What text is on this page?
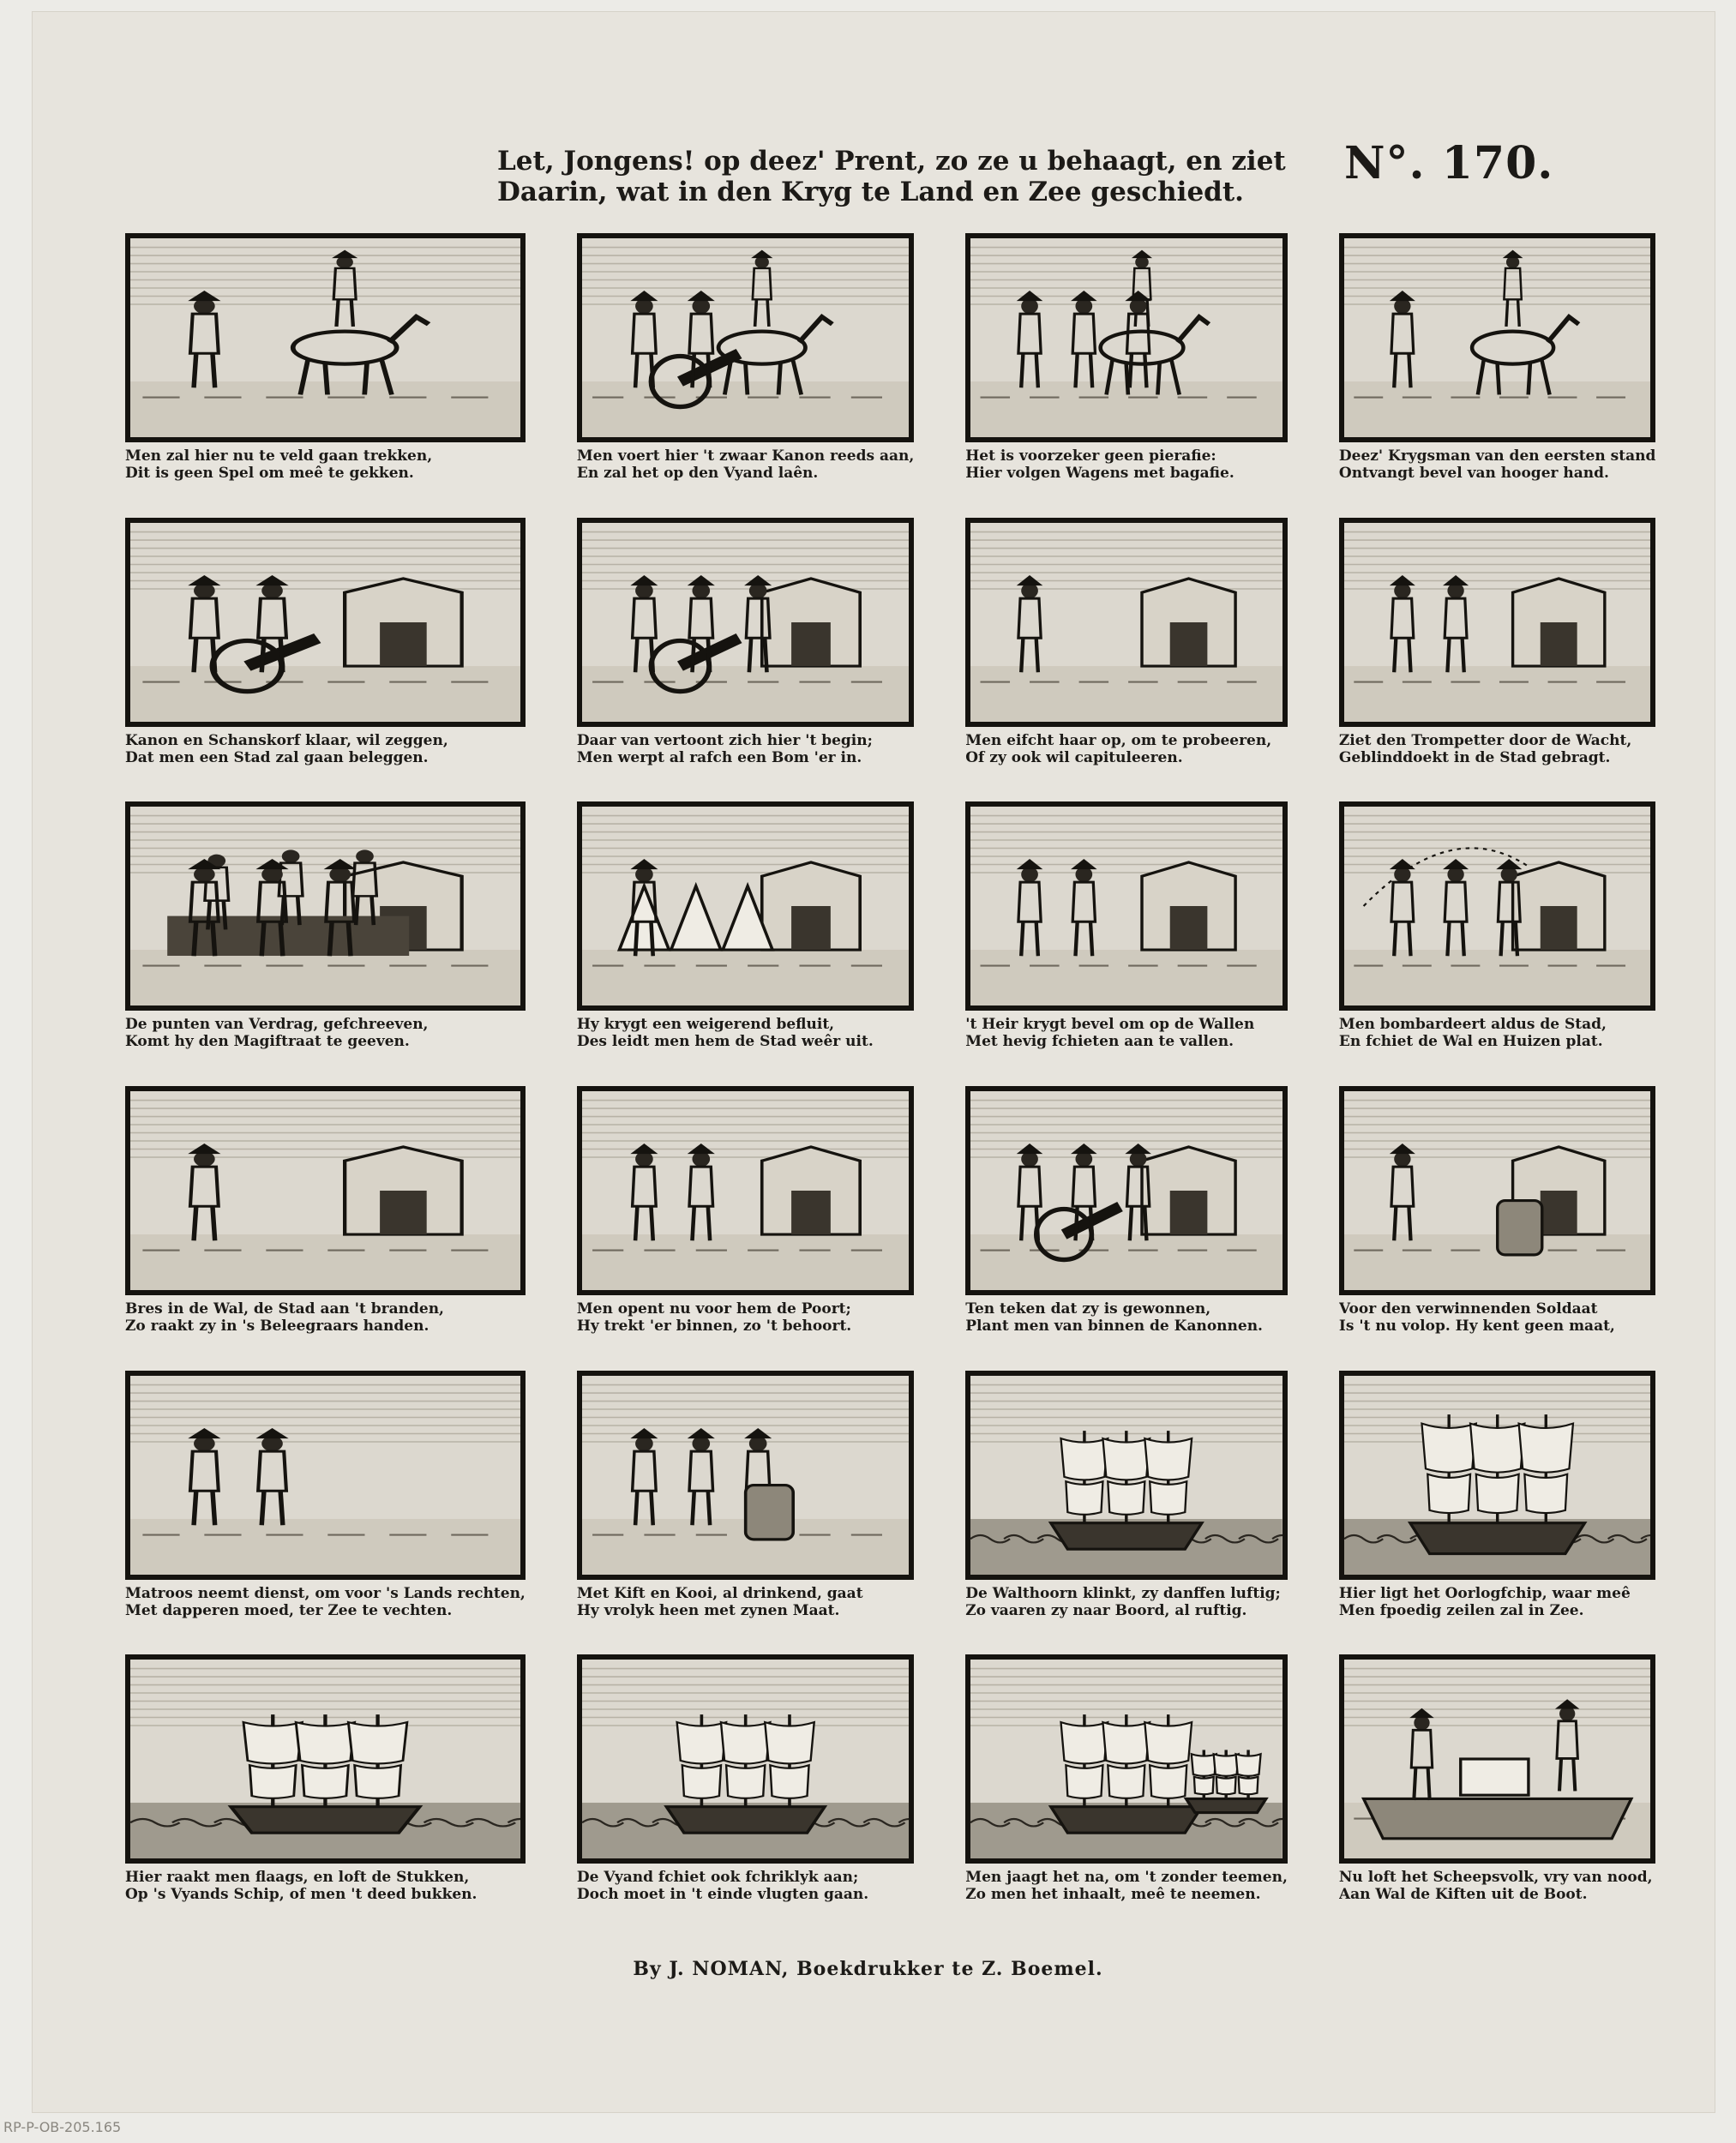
Let, Jongens! op deez' Prent, zo ze u behaagt, en ziet
Daarin, wat in den Kryg te Land en Zee geschiedt.
N°. 170.
Men zal hier nu te veld gaan trekken,
Dit is geen Spel om meê te gekken.
Men voert hier 't zwaar Kanon reeds aan,
En zal het op den Vyand laên.
Het is voorzeker geen pierafie:
Hier volgen Wagens met bagafie.
Deez' Krygsman van den eersten stand
Ontvangt bevel van hooger hand.
Kanon en Schanskorf klaar, wil zeggen,
Dat men een Stad zal gaan beleggen.
Daar van vertoont zich hier 't begin;
Men werpt al rafch een Bom 'er in.
Men eifcht haar op, om te probeeren,
Of zy ook wil capituleeren.
Ziet den Trompetter door de Wacht,
Geblinddoekt in de Stad gebragt.
De punten van Verdrag, gefchreeven,
Komt hy den Magiftraat te geeven.
Hy krygt een weigerend befluit,
Des leidt men hem de Stad weêr uit.
't Heir krygt bevel om op de Wallen
Met hevig fchieten aan te vallen.
Men bombardeert aldus de Stad,
En fchiet de Wal en Huizen plat.
Bres in de Wal, de Stad aan 't branden,
Zo raakt zy in 's Beleegraars handen.
Men opent nu voor hem de Poort;
Hy trekt 'er binnen, zo 't behoort.
Ten teken dat zy is gewonnen,
Plant men van binnen de Kanonnen.
Voor den verwinnenden Soldaat
Is 't nu volop. Hy kent geen maat,
Matroos neemt dienst, om voor 's Lands rechten,
Met dapperen moed, ter Zee te vechten.
Met Kift en Kooi, al drinkend, gaat
Hy vrolyk heen met zynen Maat.
De Walthoorn klinkt, zy danffen luftig;
Zo vaaren zy naar Boord, al ruftig.
Hier ligt het Oorlogfchip, waar meê
Men fpoedig zeilen zal in Zee.
Hier raakt men flaags, en loft de Stukken,
Op 's Vyands Schip, of men 't deed bukken.
De Vyand fchiet ook fchriklyk aan;
Doch moet in 't einde vlugten gaan.
Men jaagt het na, om 't zonder teemen,
Zo men het inhaalt, meê te neemen.
Nu loft het Scheepsvolk, vry van nood,
Aan Wal de Kiften uit de Boot.
By J. NOMAN, Boekdrukker te Z. Boemel.
RP-P-OB-205.165
